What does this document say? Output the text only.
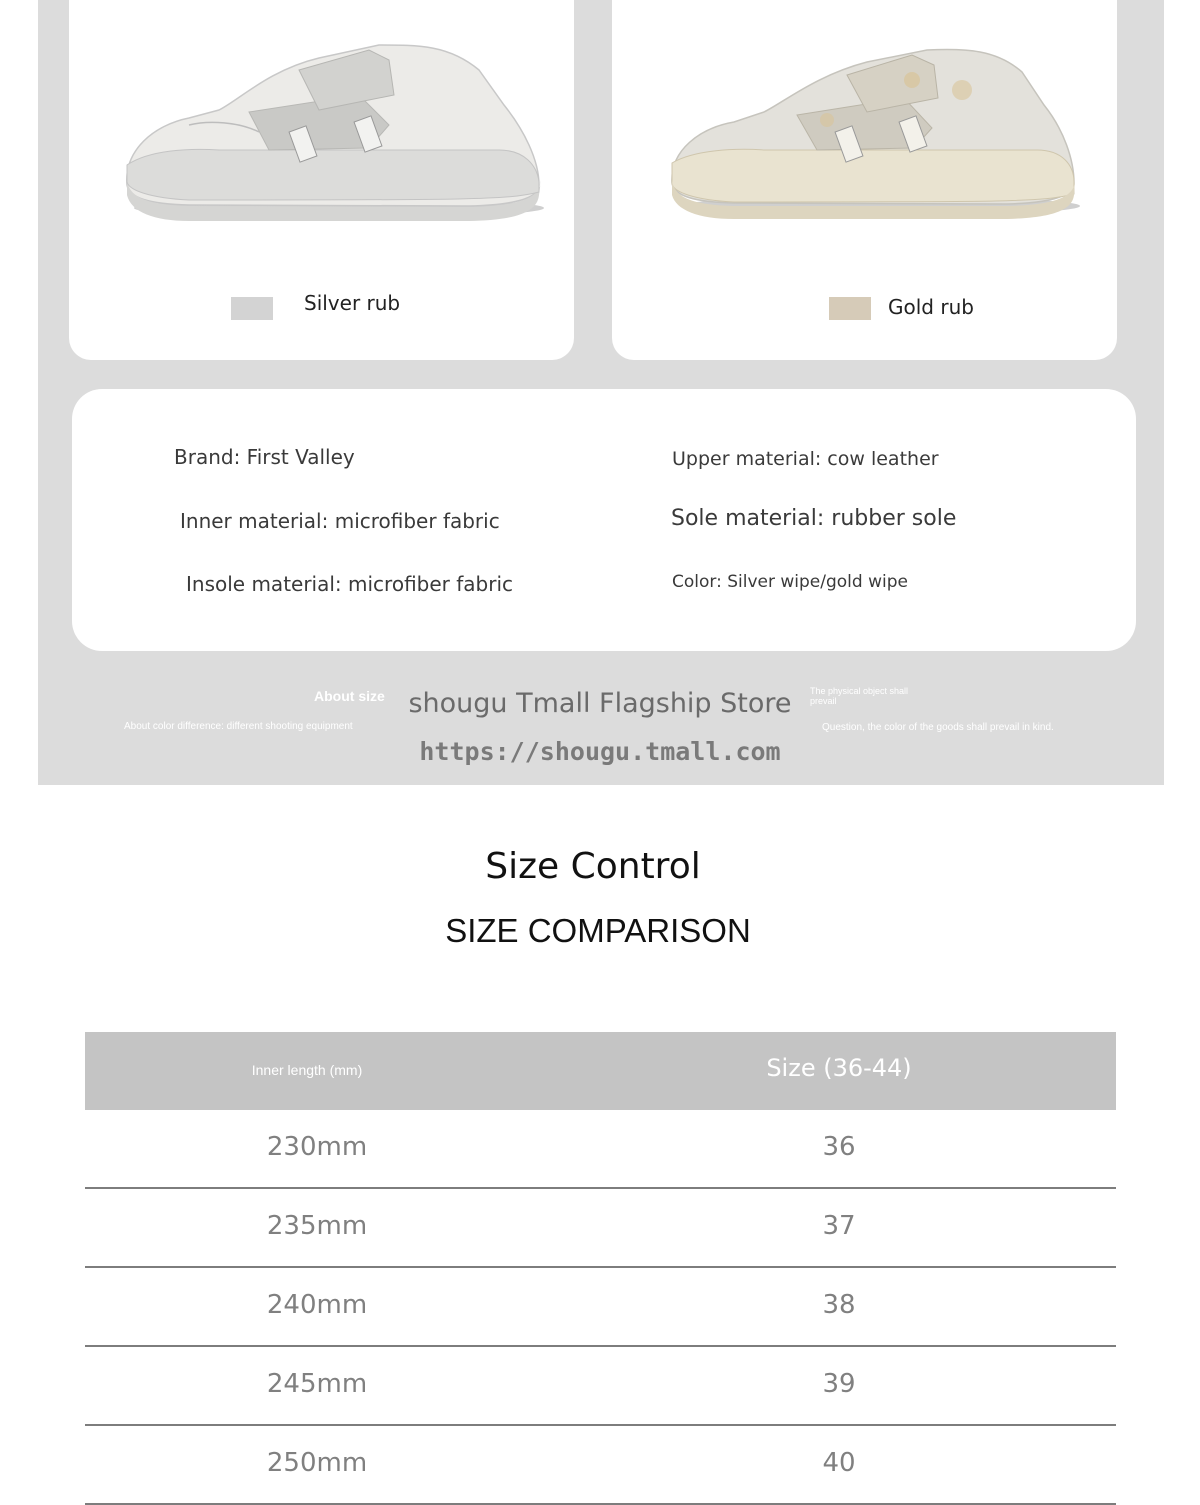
Silver rub	Gold rub
Brand: First Valley	Upper material: cow leather
Inner material: microfiber fabric	Sole material: rubber sole
Insole material: microfiber fabric	Color: Silver wipe/gold wipe
About size	The physical object shall prevail
About color difference: different shooting equipment	Question, the color of the goods shall prevail in kind.
shougu Tmall Flagship Store
https://shougu.tmall.com
Size Control
SIZE COMPARISON
Inner length (mm)	Size (36-44)
230mm	36
235mm	37
240mm	38
245mm	39
250mm	40
